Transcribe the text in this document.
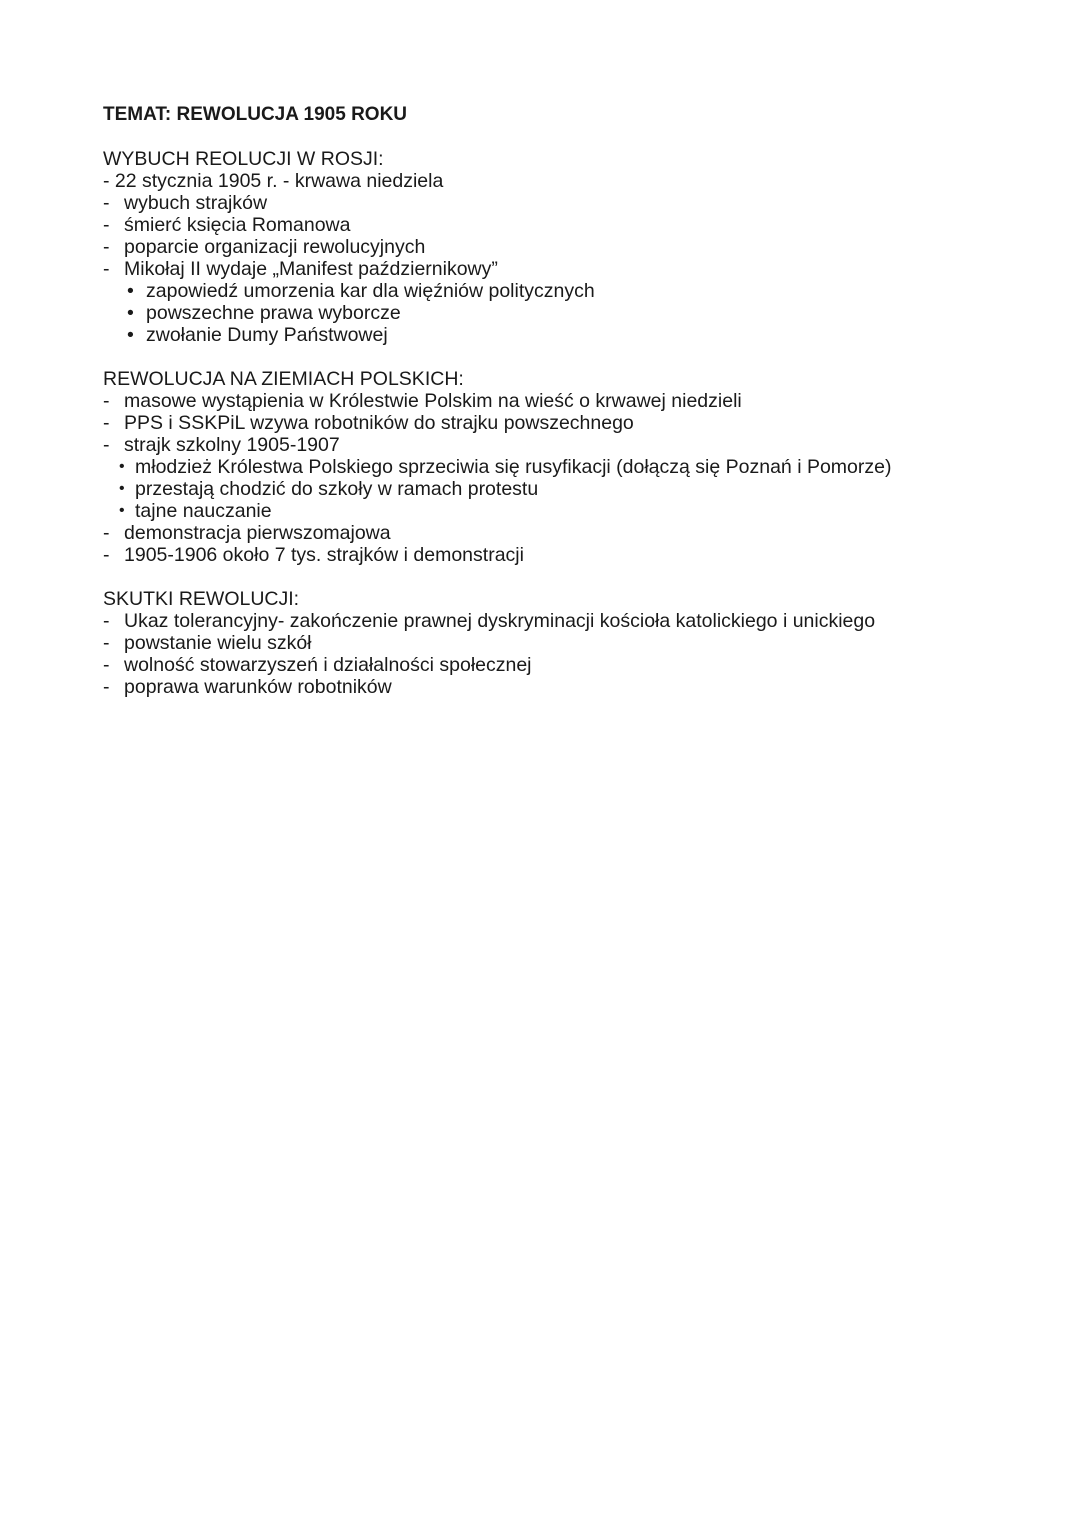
TEMAT: REWOLUCJA 1905 ROKU
WYBUCH REOLUCJI W ROSJI:
- 22 stycznia 1905 r. - krwawa niedziela
- wybuch strajków
- śmierć księcia Romanowa
- poparcie organizacji rewolucyjnych
- Mikołaj II wydaje „Manifest październikowy”
• zapowiedź umorzenia kar dla więźniów politycznych
• powszechne prawa wyborcze
• zwołanie Dumy Państwowej
REWOLUCJA NA ZIEMIACH POLSKICH:
- masowe wystąpienia w Królestwie Polskim na wieść o krwawej niedzieli
- PPS i SSKPiL wzywa robotników do strajku powszechnego
- strajk szkolny 1905-1907
• młodzież Królestwa Polskiego sprzeciwia się rusyfikacji (dołączą się Poznań i Pomorze)
• przestają chodzić do szkoły w ramach protestu
• tajne nauczanie
- demonstracja pierwszomajowa
- 1905-1906 około 7 tys. strajków i demonstracji
SKUTKI REWOLUCJI:
- Ukaz tolerancyjny- zakończenie prawnej dyskryminacji kościoła katolickiego i unickiego
- powstanie wielu szkół
- wolność stowarzyszeń i działalności społecznej
- poprawa warunków robotników
